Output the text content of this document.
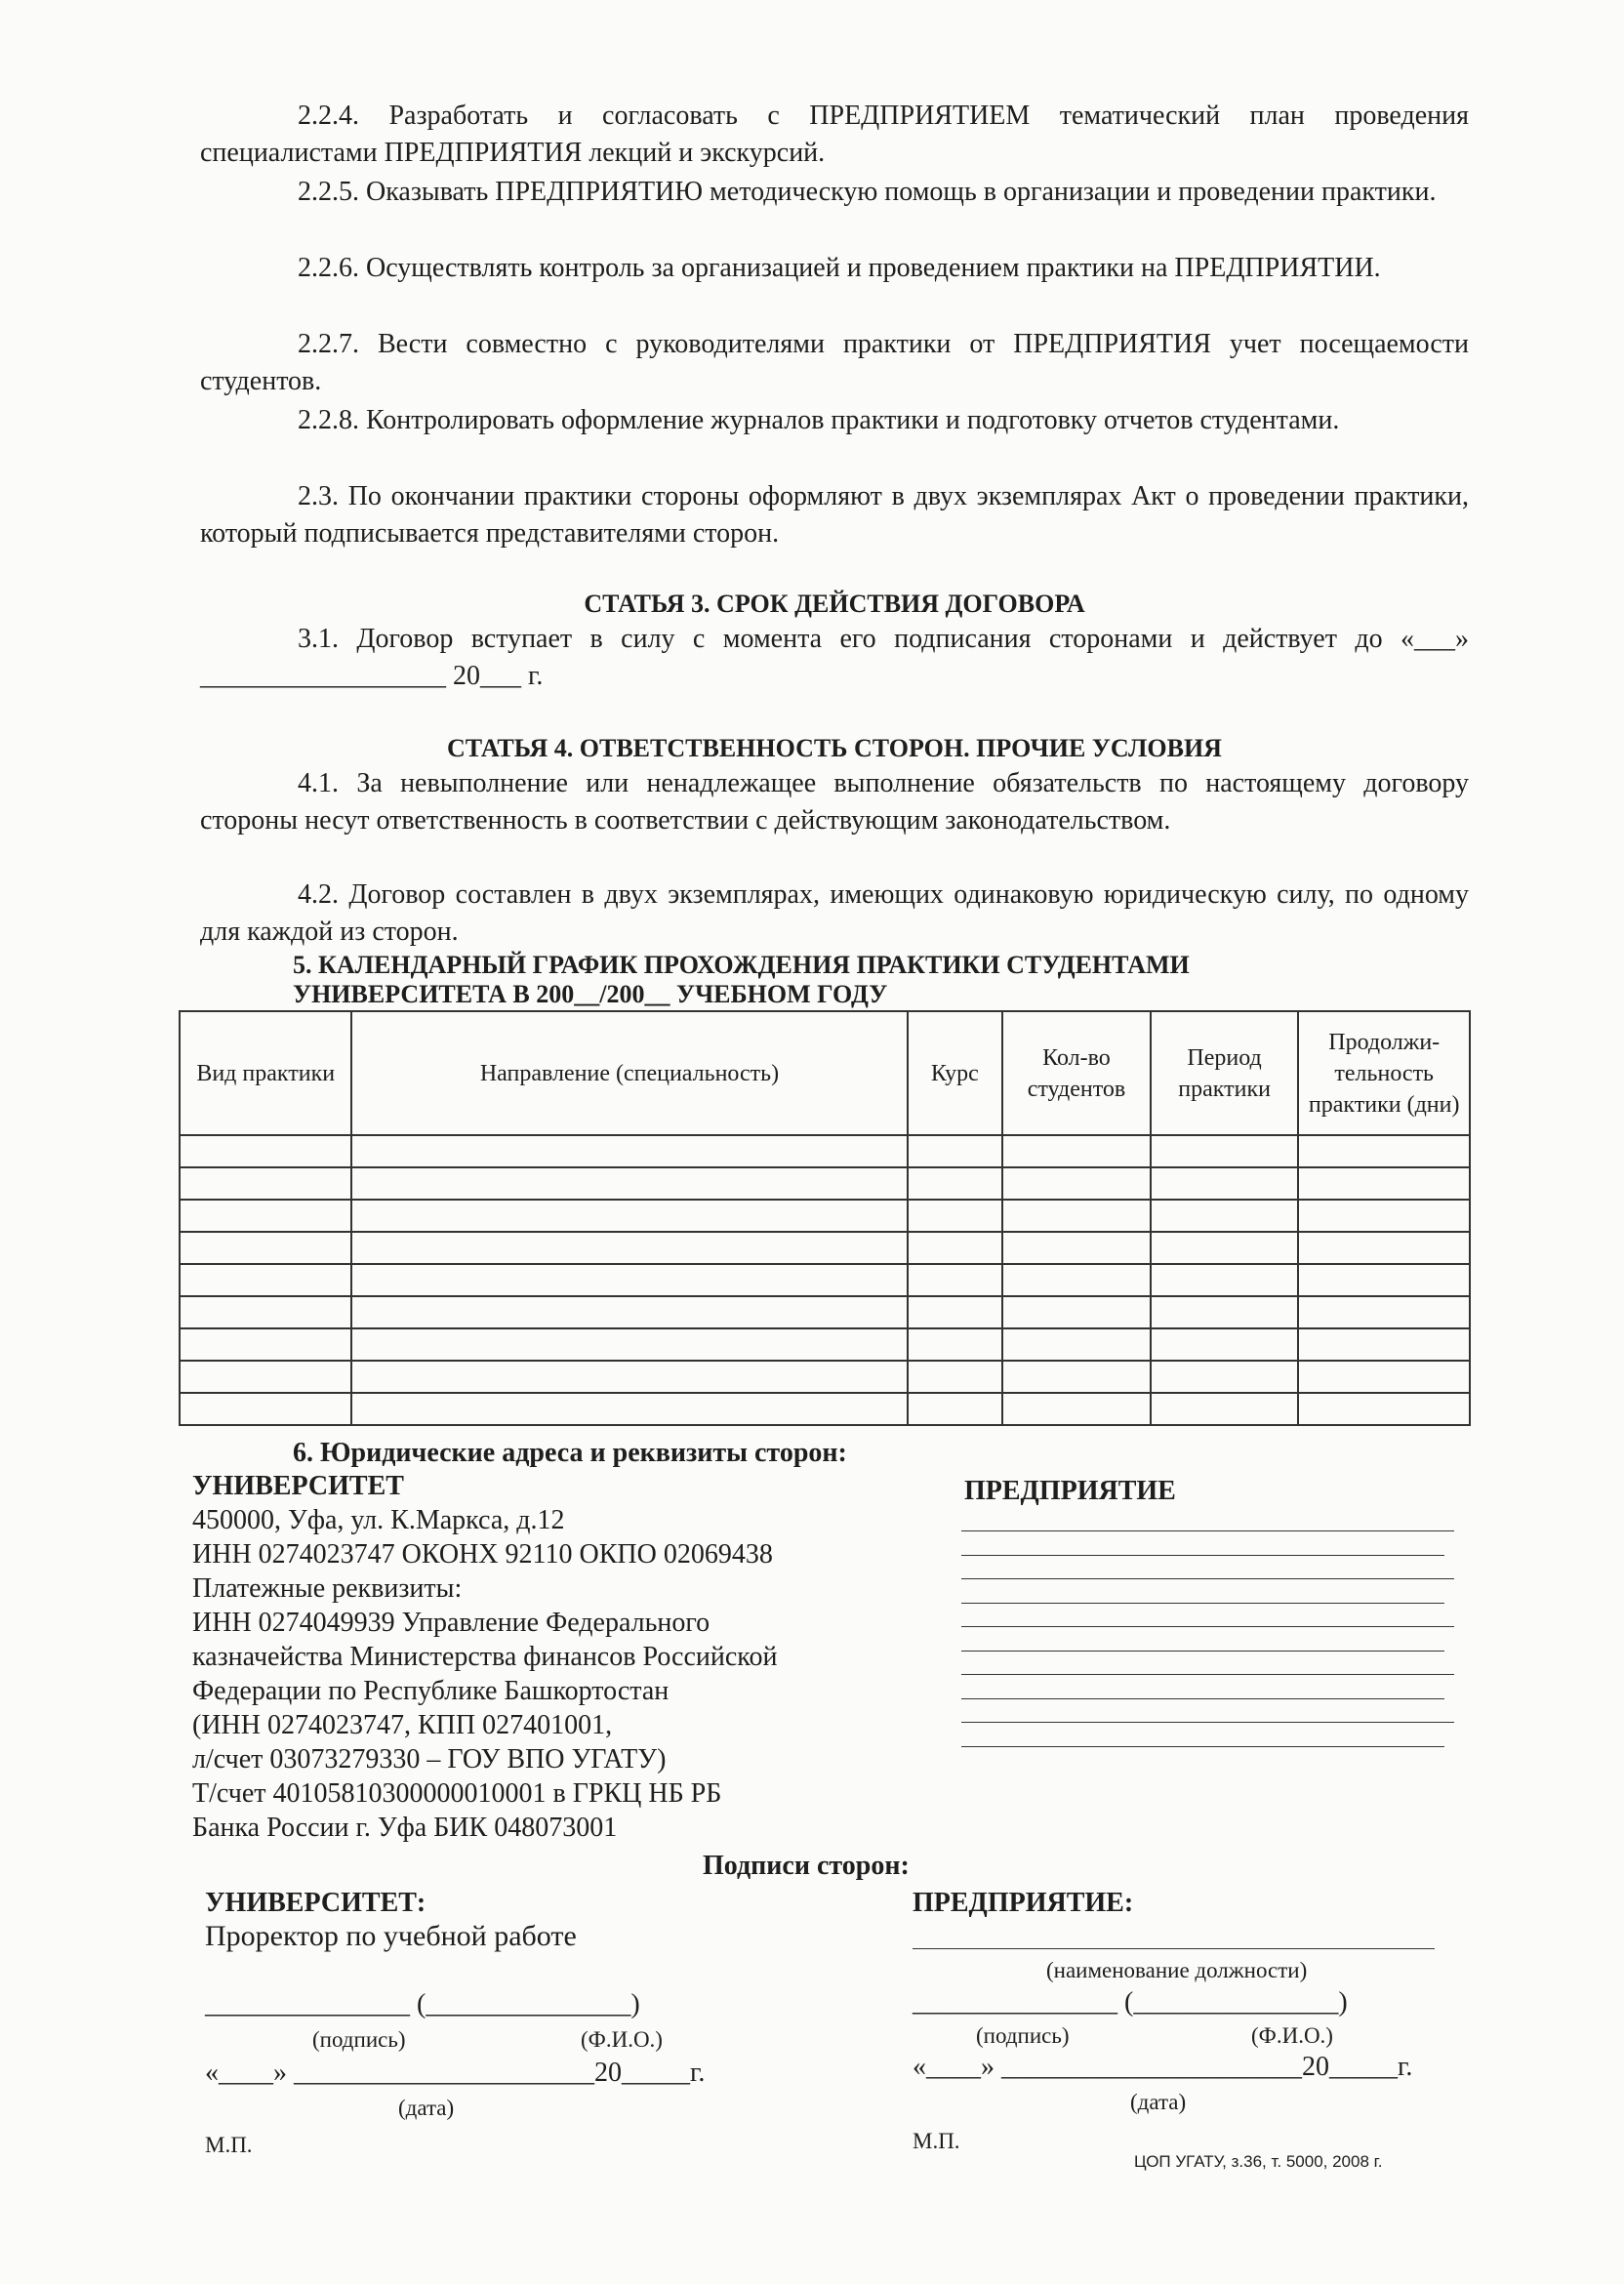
2.2.4. Разработать и согласовать с ПРЕДПРИЯТИЕМ тематический план проведения специалистами ПРЕДПРИЯТИЯ лекций и экскурсий.
2.2.5. Оказывать ПРЕДПРИЯТИЮ методическую помощь в организации и проведении практики.
2.2.6. Осуществлять контроль за организацией и проведением практики на ПРЕДПРИЯТИИ.
2.2.7. Вести совместно с руководителями практики от ПРЕДПРИЯТИЯ учет посещаемости студентов.
2.2.8. Контролировать оформление журналов практики и подготовку отчетов студентами.
2.3. По окончании практики стороны оформляют в двух экземплярах Акт о проведении практики, который подписывается представителями сторон.
СТАТЬЯ 3. СРОК ДЕЙСТВИЯ ДОГОВОРА
3.1. Договор вступает в силу с момента его подписания сторонами и действует до «___» __________________ 20___ г.
СТАТЬЯ 4. ОТВЕТСТВЕННОСТЬ СТОРОН. ПРОЧИЕ УСЛОВИЯ
4.1. За невыполнение или ненадлежащее выполнение обязательств по настоящему договору стороны несут ответственность в соответствии с действующим законодательством.
4.2. Договор составлен в двух экземплярах, имеющих одинаковую юридическую силу, по одному для каждой из сторон.
5. КАЛЕНДАРНЫЙ ГРАФИК ПРОХОЖДЕНИЯ ПРАКТИКИ СТУДЕНТАМИ
УНИВЕРСИТЕТА В 200__/200__ УЧЕБНОМ ГОДУ
Вид практики	Направление (специальность)	Курс	Кол-во студентов	Период практики	Продолжи-тельность практики (дни)

6. Юридические адреса и реквизиты сторон:
УНИВЕРСИТЕТ
450000, Уфа, ул. К.Маркса, д.12
ИНН 0274023747 ОКОНХ 92110 ОКПО 02069438
Платежные реквизиты:
ИНН 0274049939 Управление Федерального
казначейства Министерства финансов Российской
Федерации по Республике Башкортостан
(ИНН 0274023747, КПП 027401001,
л/счет 03073279330 – ГОУ ВПО УГАТУ)
Т/счет 40105810300000010001 в ГРКЦ НБ РБ
Банка России г. Уфа БИК 048073001
ПРЕДПРИЯТИЕ
Подписи сторон:
УНИВЕРСИТЕТ:
Проректор по учебной работе
_______________ (_______________)
(подпись)	(Ф.И.О.)
«____» ______________________20_____г.
(дата)
М.П.
ПРЕДПРИЯТИЕ:
(наименование должности)
_______________ (_______________)
(подпись)	(Ф.И.О.)
«____» ______________________20_____г.
(дата)
М.П.
ЦОП УГАТУ, з.36, т. 5000, 2008 г.
